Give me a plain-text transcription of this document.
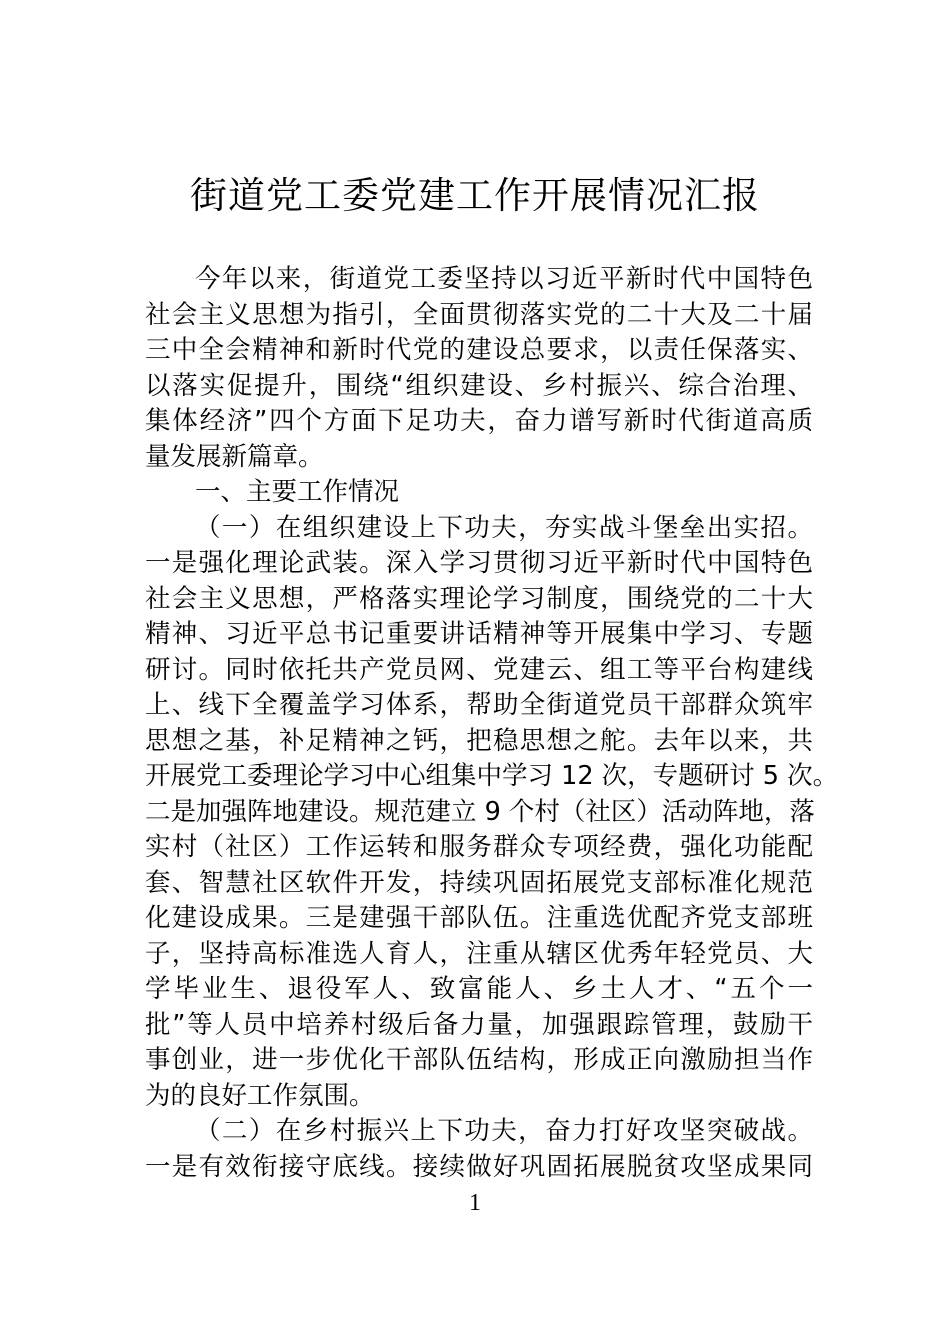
街道党工委党建工作开展情况汇报
今年以来，街道党工委坚持以习近平新时代中国特色
社会主义思想为指引，全面贯彻落实党的二十大及二十届
三中全会精神和新时代党的建设总要求，以责任保落实、
以落实促提升，围绕“组织建设、乡村振兴、综合治理、
集体经济”四个方面下足功夫，奋力谱写新时代街道高质
量发展新篇章。
一、主要工作情况
（一）在组织建设上下功夫，夯实战斗堡垒出实招。
一是强化理论武装。深入学习贯彻习近平新时代中国特色
社会主义思想，严格落实理论学习制度，围绕党的二十大
精神、习近平总书记重要讲话精神等开展集中学习、专题
研讨。同时依托共产党员网、党建云、组工等平台构建线
上、线下全覆盖学习体系，帮助全街道党员干部群众筑牢
思想之基，补足精神之钙，把稳思想之舵。去年以来，共
开展党工委理论学习中心组集中学习 12 次，专题研讨 5 次。
二是加强阵地建设。规范建立 9 个村（社区）活动阵地，落
实村（社区）工作运转和服务群众专项经费，强化功能配
套、智慧社区软件开发，持续巩固拓展党支部标准化规范
化建设成果。三是建强干部队伍。注重选优配齐党支部班
子，坚持高标准选人育人，注重从辖区优秀年轻党员、大
学毕业生、退役军人、致富能人、乡土人才、“五个一
批”等人员中培养村级后备力量，加强跟踪管理，鼓励干
事创业，进一步优化干部队伍结构，形成正向激励担当作
为的良好工作氛围。
（二）在乡村振兴上下功夫，奋力打好攻坚突破战。
一是有效衔接守底线。接续做好巩固拓展脱贫攻坚成果同
1
